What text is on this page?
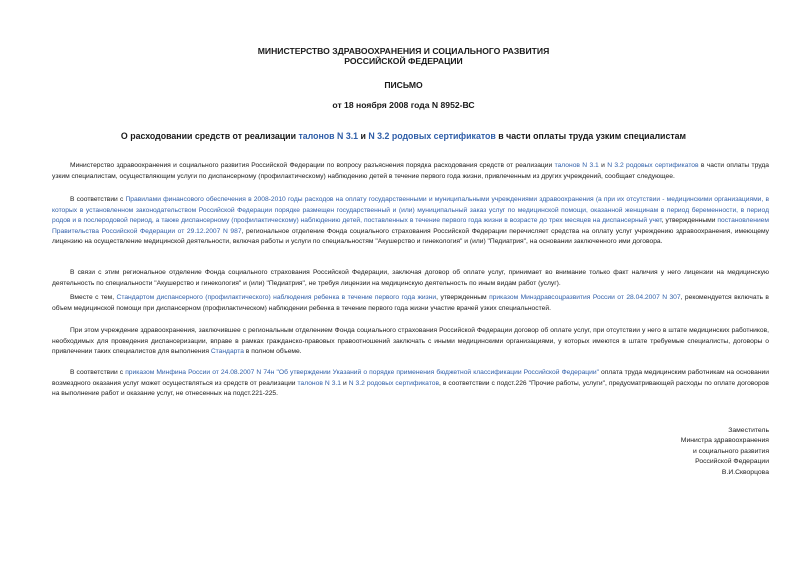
МИНИСТЕРСТВО ЗДРАВООХРАНЕНИЯ И СОЦИАЛЬНОГО РАЗВИТИЯ
РОССИЙСКОЙ ФЕДЕРАЦИИ
ПИСЬМО
от 18 ноября 2008 года N 8952-ВС
О расходовании средств от реализации талонов N 3.1 и N 3.2 родовых сертификатов в части оплаты труда узким специалистам

Министерство здравоохранения и социального развития Российской Федерации по вопросу разъяснения порядка расходования средств от реализации талонов N 3.1 и N 3.2 родовых сертификатов в части оплаты труда узким специалистам, осуществляющим услуги по диспансерному (профилактическому) наблюдению детей в течение первого года жизни, привлеченным из других учреждений, сообщает следующее.

В соответствии с Правилами финансового обеспечения в 2008-2010 годы расходов на оплату государственными и муниципальными учреждениями здравоохранения (а при их отсутствии - медицинскими организациями, в которых в установленном законодательством Российской Федерации порядке размещен государственный и (или) муниципальный заказ услуг по медицинской помощи, оказанной женщинам в период беременности, в период родов и в послеродовой период, а также диспансерному (профилактическому) наблюдению детей, поставленных в течение первого года жизни в возрасте до трех месяцев на диспансерный учет, утвержденными постановлением Правительства Российской Федерации от 29.12.2007 N 987, региональное отделение Фонда социального страхования Российской Федерации перечисляет средства на оплату услуг учреждению здравоохранения, имеющему лицензию на осуществление медицинской деятельности, включая работы и услуги по специальностям "Акушерство и гинекология" и (или) "Педиатрия", на основании заключенного ими договора.

В связи с этим региональное отделение Фонда социального страхования Российской Федерации, заключая договор об оплате услуг, принимает во внимание только факт наличия у него лицензии на медицинскую деятельность по специальности "Акушерство и гинекология" и (или) "Педиатрия", не требуя лицензии на медицинскую деятельность по иным видам работ (услуг).

Вместе с тем, Стандартом диспансерного (профилактического) наблюдения ребенка в течение первого года жизни, утвержденным приказом Минздравсоцразвития России от 28.04.2007 N 307, рекомендуется включать в объем медицинской помощи при диспансерном (профилактическом) наблюдении ребенка в течение первого года жизни участие врачей узких специальностей.

При этом учреждение здравоохранения, заключившее с региональным отделением Фонда социального страхования Российской Федерации договор об оплате услуг, при отсутствии у него в штате медицинских работников, необходимых для проведения диспансеризации, вправе в рамках гражданско-правовых правоотношений заключать с иными медицинскими организациями, у которых имеются в штате требуемые специалисты, договоры о привлечении таких специалистов для выполнения Стандарта в полном объеме.

В соответствии с приказом Минфина России от 24.08.2007 N 74н "Об утверждении Указаний о порядке применения бюджетной классификации Российской Федерации" оплата труда медицинским работникам на основании возмездного оказания услуг может осуществляться из средств от реализации талонов N 3.1 и N 3.2 родовых сертификатов, в соответствии с подст.226 "Прочие работы, услуги", предусматривающей расходы по оплате договоров на выполнение работ и оказание услуг, не отнесенных на подст.221-225.

Заместитель
Министра здравоохранения
и социального развития
Российской Федерации
В.И.Скворцова
